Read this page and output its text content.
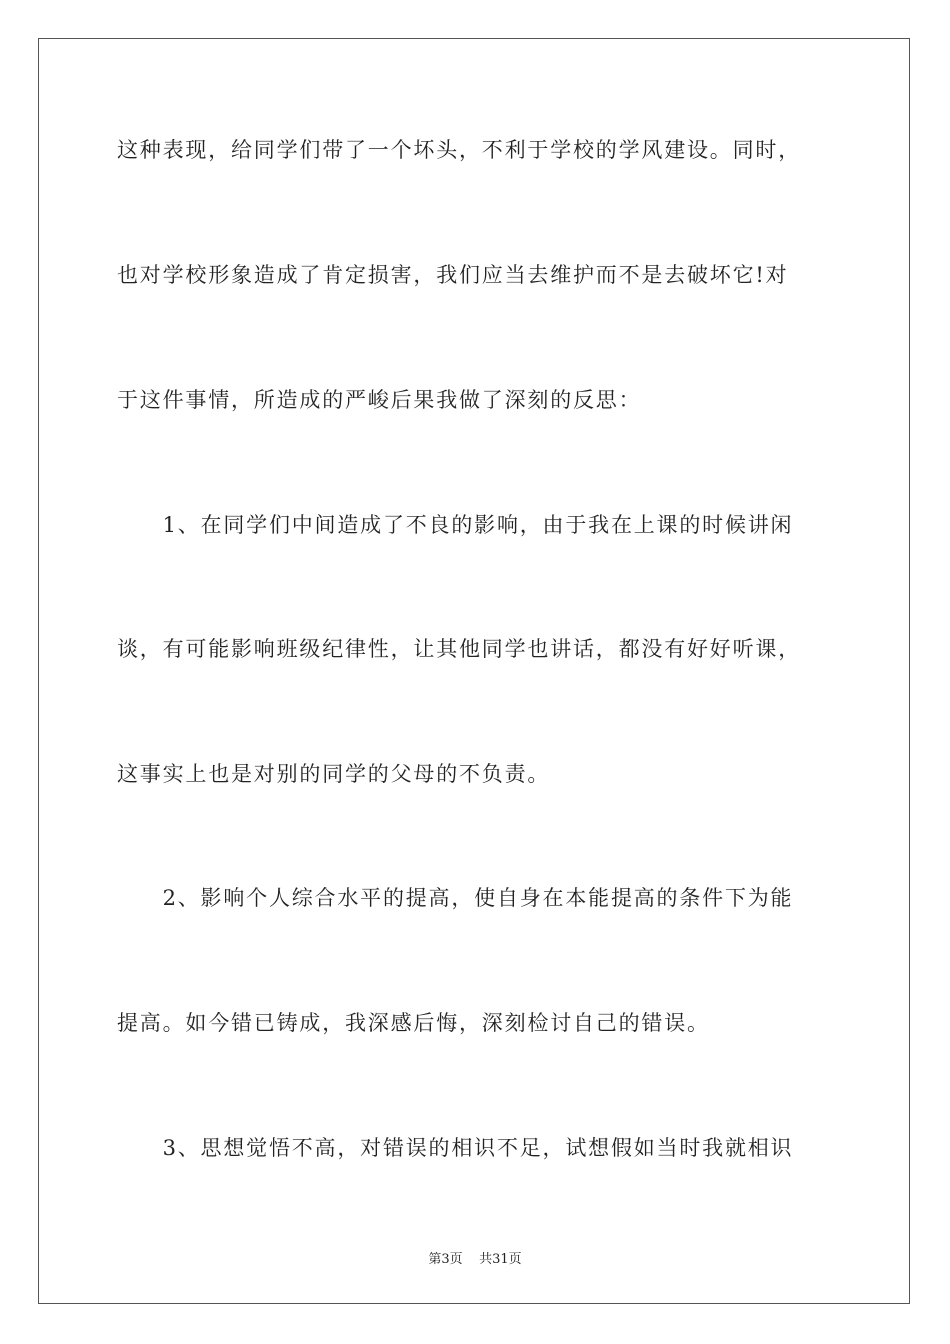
这种表现，给同学们带了一个坏头，不利于学校的学风建设。同时，
也对学校形象造成了肯定损害，我们应当去维护而不是去破坏它!对
于这件事情，所造成的严峻后果我做了深刻的反思：
　　1、在同学们中间造成了不良的影响，由于我在上课的时候讲闲
谈，有可能影响班级纪律性，让其他同学也讲话，都没有好好听课，
这事实上也是对别的同学的父母的不负责。
　　2、影响个人综合水平的提高，使自身在本能提高的条件下为能
提高。如今错已铸成，我深感后悔，深刻检讨自己的错误。
　　3、思想觉悟不高，对错误的相识不足，试想假如当时我就相识
第3页 共31页
